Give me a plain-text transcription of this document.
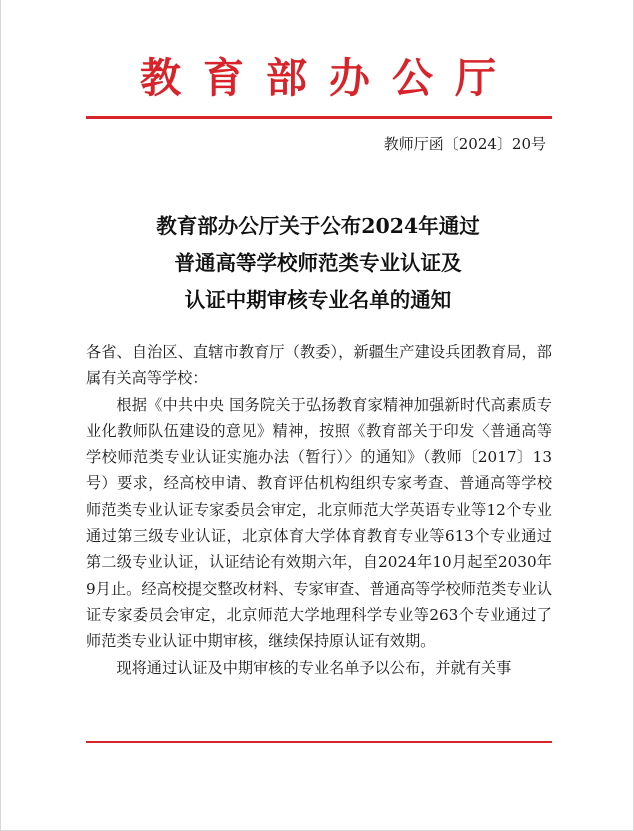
教育部办公厅
教师厅函〔2024〕20号
教育部办公厅关于公布2024年通过
普通高等学校师范类专业认证及
认证中期审核专业名单的通知

各省、自治区、直辖市教育厅（教委），新疆生产建设兵团教育局，部属有关高等学校：

根据《中共中央 国务院关于弘扬教育家精神加强新时代高素质专业化教师队伍建设的意见》精神，按照《教育部关于印发〈普通高等学校师范类专业认证实施办法（暂行）〉的通知》（教师〔2017〕13号）要求，经高校申请、教育评估机构组织专家考查、普通高等学校师范类专业认证专家委员会审定，北京师范大学英语专业等12个专业通过第三级专业认证，北京体育大学体育教育专业等613个专业通过第二级专业认证，认证结论有效期六年，自2024年10月起至2030年9月止。经高校提交整改材料、专家审查、普通高等学校师范类专业认证专家委员会审定，北京师范大学地理科学专业等263个专业通过了师范类专业认证中期审核，继续保持原认证有效期。

现将通过认证及中期审核的专业名单予以公布，并就有关事
